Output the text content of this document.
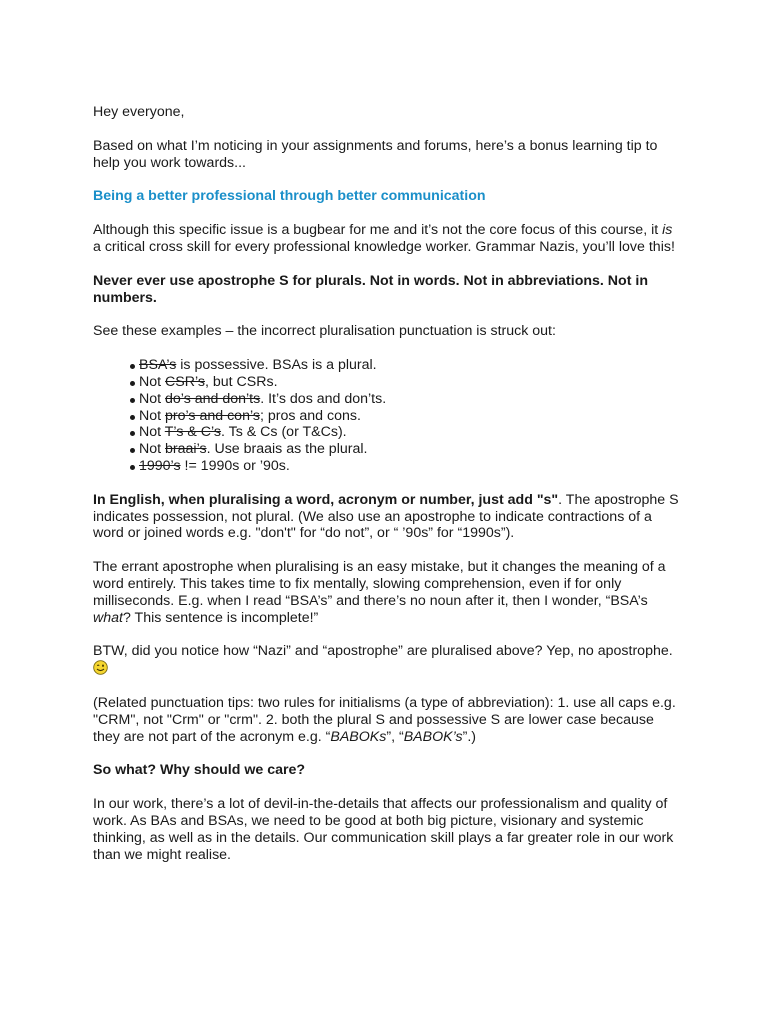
Hey everyone,

Based on what I’m noticing in your assignments and forums, here’s a bonus learning tip to help you work towards...

Being a better professional through better communication

Although this specific issue is a bugbear for me and it’s not the core focus of this course, it is a critical cross skill for every professional knowledge worker. Grammar Nazis, you’ll love this!

Never ever use apostrophe S for plurals. Not in words. Not in abbreviations. Not in numbers.

See these examples – the incorrect pluralisation punctuation is struck out:

BSA’s is possessive. BSAs is a plural.
Not CSR’s, but CSRs.
Not do’s and don’ts. It’s dos and don’ts.
Not pro’s and con’s; pros and cons.
Not T’s & C’s. Ts & Cs (or T&Cs).
Not braai’s. Use braais as the plural.
1990’s != 1990s or ’90s.

In English, when pluralising a word, acronym or number, just add "s". The apostrophe S indicates possession, not plural. (We also use an apostrophe to indicate contractions of a word or joined words e.g. "don't" for “do not”, or “ ’90s” for “1990s”).

The errant apostrophe when pluralising is an easy mistake, but it changes the meaning of a word entirely. This takes time to fix mentally, slowing comprehension, even if for only milliseconds. E.g. when I read “BSA’s” and there’s no noun after it, then I wonder, “BSA’s what? This sentence is incomplete!”

BTW, did you notice how “Nazi” and “apostrophe” are pluralised above? Yep, no apostrophe.

(Related punctuation tips: two rules for initialisms (a type of abbreviation): 1. use all caps e.g. "CRM", not "Crm" or "crm". 2. both the plural S and possessive S are lower case because they are not part of the acronym e.g. “BABOKs”, “BABOK’s”.)

So what? Why should we care?

In our work, there’s a lot of devil-in-the-details that affects our professionalism and quality of work. As BAs and BSAs, we need to be good at both big picture, visionary and systemic thinking, as well as in the details. Our communication skill plays a far greater role in our work than we might realise.
